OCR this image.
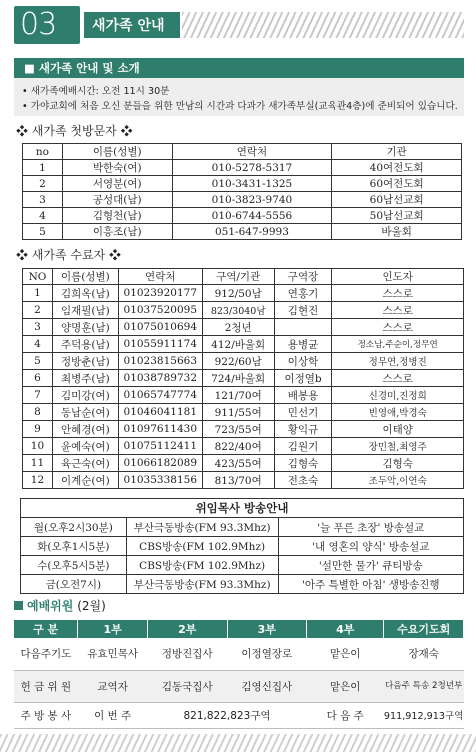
03	새가족 안내
■ 새가족 안내 및 소개
• 새가족예배시간: 오전 11시 30분
• 가야교회에 처음 오신 분들을 위한 만남의 시간과 다과가 새가족부실(교육관4층)에 준비되어 있습니다.
❖ 새가족 첫방문자 ❖
no	이름(성별)	연락처	기관
1	박한숙(여)	010-5278-5317	40여전도회
2	서영분(여)	010-3431-1325	60여전도회
3	공성대(남)	010-3823-9740	60남선교회
4	김형천(남)	010-6744-5556	50남선교회
5	이흥조(남)	051-647-9993	바울회
❖ 새가족 수료자 ❖
NO	이름(성별)	연락처	구역/기관	구역장	인도자
1	김희옥(남)	01023920177	912/50남	연홍기	스스로
2	임재필(남)	01037520095	823/3040남	김현진	스스로
3	양명훈(남)	01075010694	2청년		스스로
4	주덕용(남)	01055911174	412/바울회	용병균	정소남,주순이,정무연
5	정방춘(남)	01023815663	922/60남	이상학	정무연,정병진
6	최병주(남)	01038789732	724/바울회	이정열b	스스로
7	김미강(여)	01065747774	121/70여	배봉용	신경미,진정희
8	동남순(여)	01046041181	911/55여	민선기	빈영애,박경숙
9	안혜경(여)	01097611430	723/55여	황익규	이태양
10	윤예숙(여)	01075112411	822/40여	김원기	장민철,최영주
11	육근숙(여)	01066182089	423/55여	김형숙	김형숙
12	이계순(여)	01035338156	813/70여	전초숙	조두악,이연숙
위임목사 방송안내
월(오후2시30분)	부산극동방송(FM 93.3Mhz)	'늘 푸른 초장' 방송설교
화(오후1시5분)	CBS방송(FM 102.9Mhz)	'내 영혼의 양식' 방송설교
수(오후5시5분)	CBS방송(FM 102.9Mhz)	'설만한 물가' 큐티방송
금(오전7시)	부산극동방송(FM 93.3Mhz)	'아주 특별한 아침' 생방송진행
예배위원 (2월)
구 분	1부	2부	3부	4부	수요기도회
다음주기도	유효민목사	정방진집사	이정열장로	맡은이	장재숙
헌 금 위 원	교역자	김동국집사	김영신집사	맡은이	다음주 특송 2청년부
주 방 봉 사	이 번 주	821,822,823구역		다 음 주	911,912,913구역
